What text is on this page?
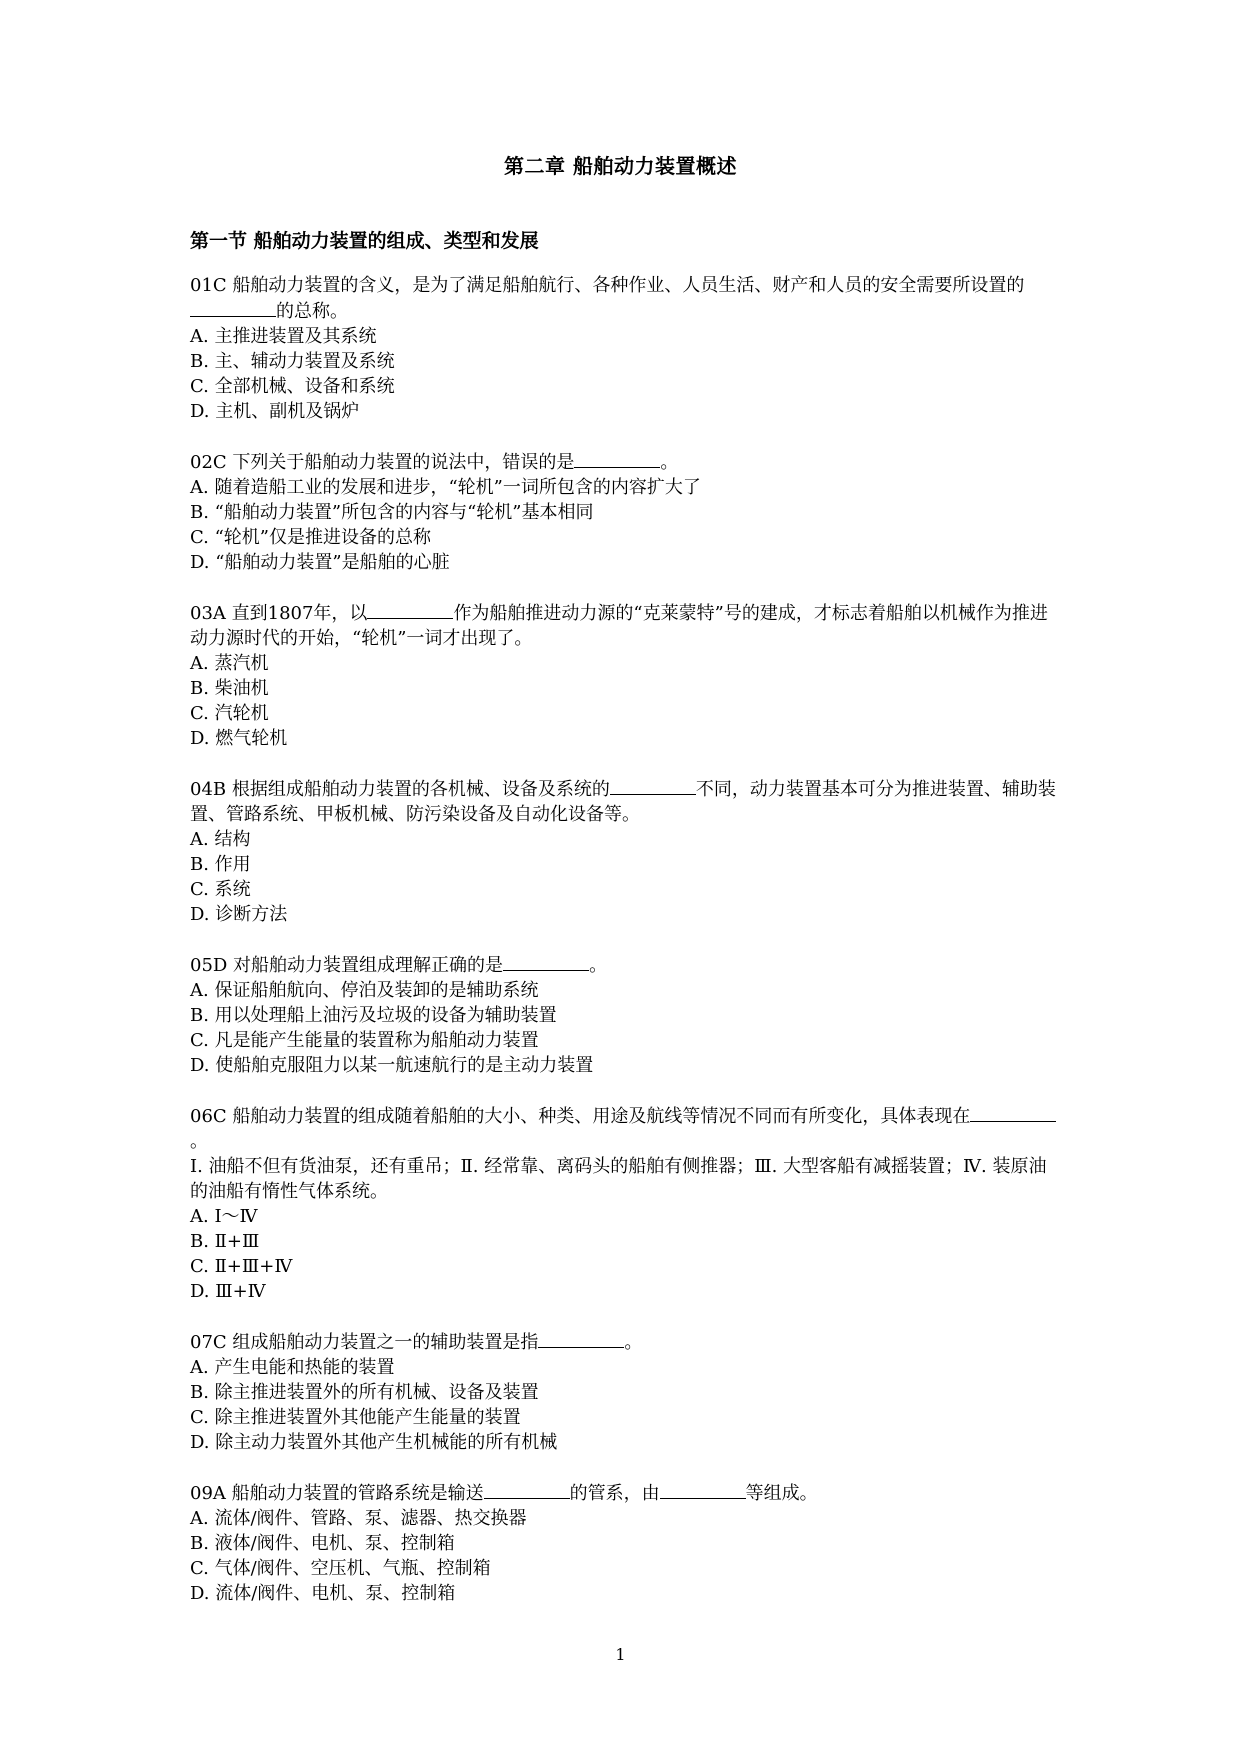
第二章 船舶动力装置概述
第一节 船舶动力装置的组成、类型和发展

01C 船舶动力装置的含义，是为了满足船舶航行、各种作业、人员生活、财产和人员的安全需要所设置的的总称。

A. 主推进装置及其系统

B. 主、辅动力装置及系统

C. 全部机械、设备和系统

D. 主机、副机及锅炉

02C 下列关于船舶动力装置的说法中，错误的是	。

A. 随着造船工业的发展和进步，“轮机”一词所包含的内容扩大了

B. “船舶动力装置”所包含的内容与“轮机”基本相同

C. “轮机”仅是推进设备的总称

D. “船舶动力装置”是船舶的心脏

03A 直到1807年，以	作为船舶推进动力源的“克莱蒙特”号的建成，才标志着船舶以机械作为推进动力源时代的开始，“轮机”一词才出现了。

A. 蒸汽机

B. 柴油机

C. 汽轮机

D. 燃气轮机

04B 根据组成船舶动力装置的各机械、设备及系统的	不同，动力装置基本可分为推进装置、辅助装置、管路系统、甲板机械、防污染设备及自动化设备等。

A. 结构

B. 作用

C. 系统

D. 诊断方法

05D 对船舶动力装置组成理解正确的是	。

A. 保证船舶航向、停泊及装卸的是辅助系统

B. 用以处理船上油污及垃圾的设备为辅助装置

C. 凡是能产生能量的装置称为船舶动力装置

D. 使船舶克服阻力以某一航速航行的是主动力装置

06C 船舶动力装置的组成随着船舶的大小、种类、用途及航线等情况不同而有所变化，具体表现在。

Ⅰ. 油船不但有货油泵，还有重吊；Ⅱ. 经常靠、离码头的船舶有侧推器；Ⅲ. 大型客船有减摇装置；Ⅳ. 装原油的油船有惰性气体系统。

A. Ⅰ～Ⅳ

B. Ⅱ+Ⅲ

C. Ⅱ+Ⅲ+Ⅳ

D. Ⅲ+Ⅳ

07C 组成船舶动力装置之一的辅助装置是指	。

A. 产生电能和热能的装置

B. 除主推进装置外的所有机械、设备及装置

C. 除主推进装置外其他能产生能量的装置

D. 除主动力装置外其他产生机械能的所有机械

09A 船舶动力装置的管路系统是输送	的管系，由	等组成。

A. 流体/阀件、管路、泵、滤器、热交换器

B. 液体/阀件、电机、泵、控制箱

C. 气体/阀件、空压机、气瓶、控制箱

D. 流体/阀件、电机、泵、控制箱

1
